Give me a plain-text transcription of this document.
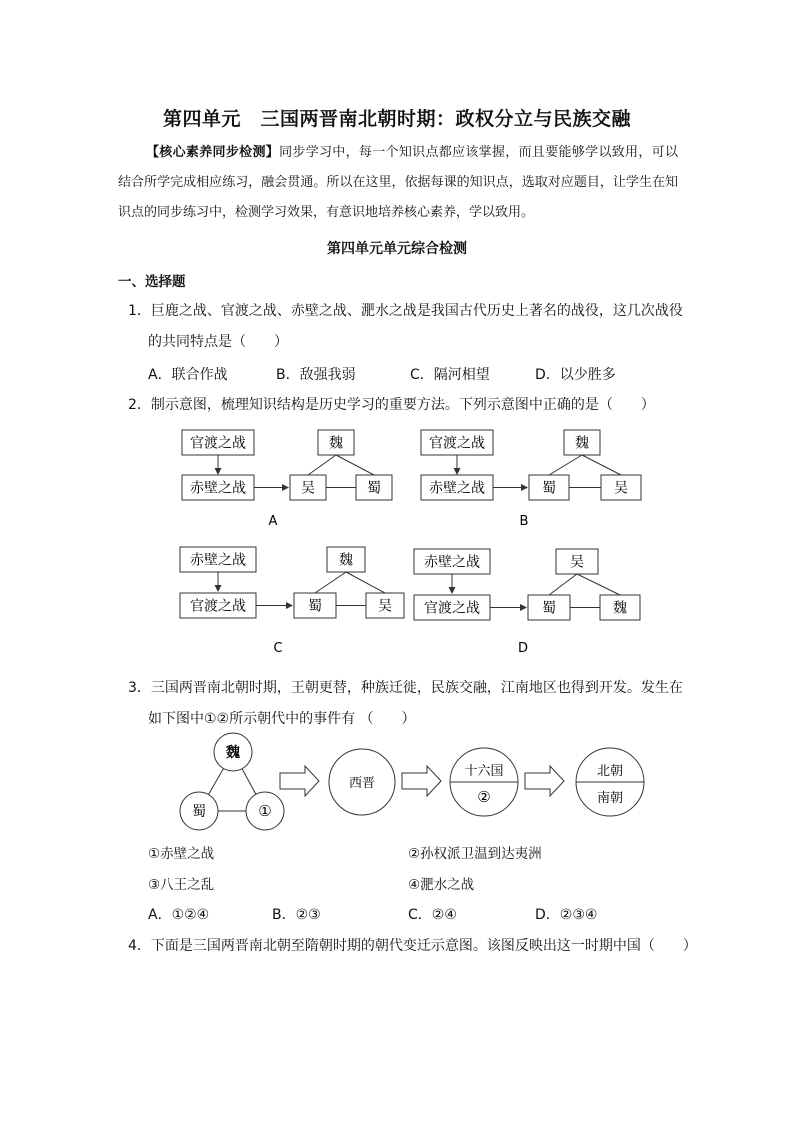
第四单元　三国两晋南北朝时期：政权分立与民族交融
【核心素养同步检测】同步学习中，每一个知识点都应该掌握，而且要能够学以致用，可以结合所学完成相应练习，融会贯通。所以在这里，依据每课的知识点，选取对应题目，让学生在知识点的同步练习中，检测学习效果，有意识地培养核心素养，学以致用。
第四单元单元综合检测
一、选择题
1．巨鹿之战、官渡之战、赤壁之战、淝水之战是我国古代历史上著名的战役，这几次战役
的共同特点是（　　）
A．联合作战	B．敌强我弱	C．隔河相望	D．以少胜多
2．制示意图，梳理知识结构是历史学习的重要方法。下列示意图中正确的是（　　）
官渡之战
赤壁之战
魏
吴	蜀
A
官渡之战
赤壁之战
魏
蜀	吴
B
赤壁之战
官渡之战
魏
蜀	吴
C
赤壁之战
官渡之战
吴
蜀	魏
D
魏
蜀	①
西晋
十六国
②
北朝
南朝
3．三国两晋南北朝时期，王朝更替，种族迁徙，民族交融，江南地区也得到开发。发生在
如下图中①②所示朝代中的事件有 （　　）
①赤壁之战	②孙权派卫温到达夷洲
③八王之乱	④淝水之战
A．①②④	B．②③	C．②④	D．②③④
4．下面是三国两晋南北朝至隋朝时期的朝代变迁示意图。该图反映出这一时期中国（　　）
